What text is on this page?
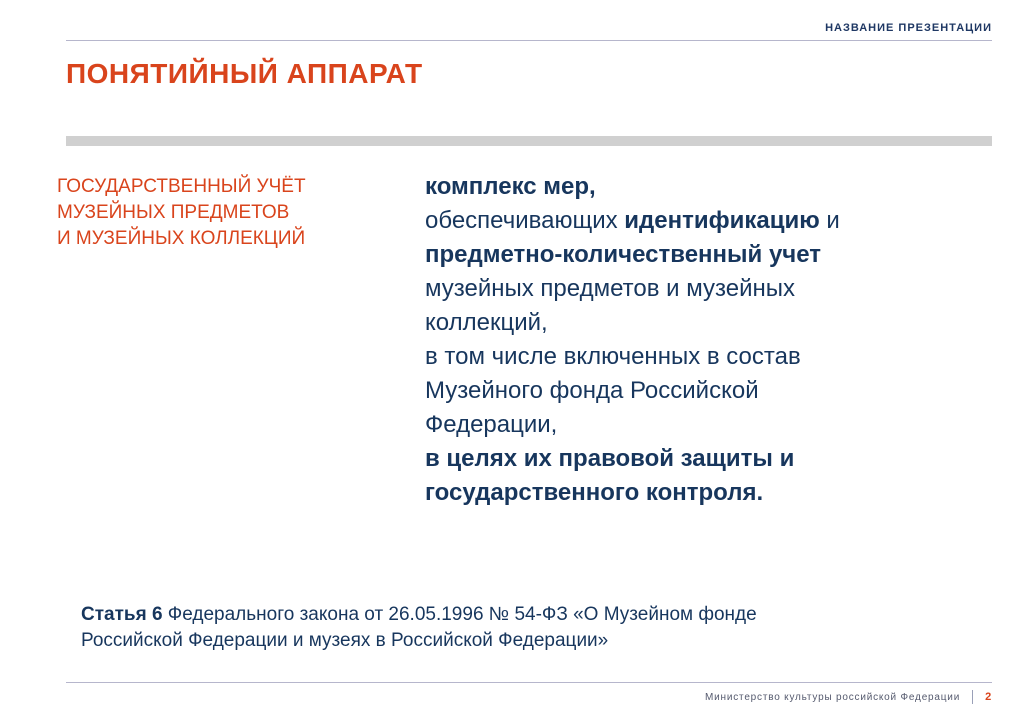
НАЗВАНИЕ ПРЕЗЕНТАЦИИ
ПОНЯТИЙНЫЙ АППАРАТ
ГОСУДАРСТВЕННЫЙ УЧЁТ
МУЗЕЙНЫХ ПРЕДМЕТОВ
И МУЗЕЙНЫХ КОЛЛЕКЦИЙ
комплекс мер,
обеспечивающих идентификацию и
предметно-количественный учет
музейных предметов и музейных
коллекций,
в том числе включенных в состав
Музейного фонда Российской
Федерации,
в целях их правовой защиты и
государственного контроля.
Статья 6 Федерального закона от 26.05.1996 № 54-ФЗ «О Музейном фонде
Российской Федерации и музеях в Российской Федерации»
Министерство культуры российской Федерации 2
